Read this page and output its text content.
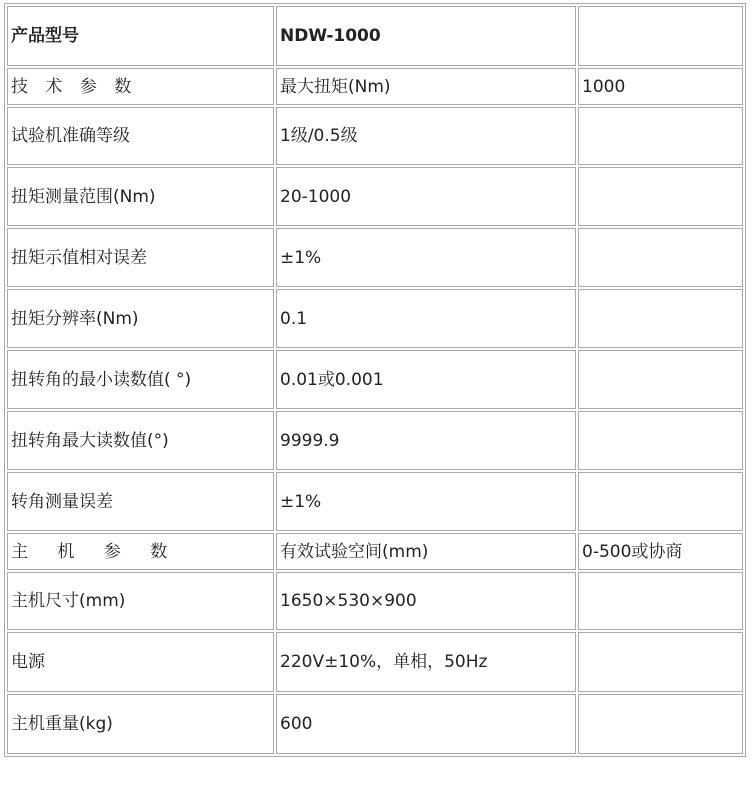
产品型号	NDW-1000	
技 术 参 数	最大扭矩(Nm)	1000
试验机准确等级	1级/0.5级	
扭矩测量范围(Nm)	20-1000	
扭矩示值相对误差	±1%	
扭矩分辨率(Nm)	0.1	
扭转角的最小读数值( °)	0.01或0.001	
扭转角最大读数值(°)	9999.9	
转角测量误差	±1%	
主 机 参 数	有效试验空间(mm)	0-500或协商
主机尺寸(mm)	1650×530×900	
电源	220V±10%，单相，50Hz	
主机重量(kg)	600	
